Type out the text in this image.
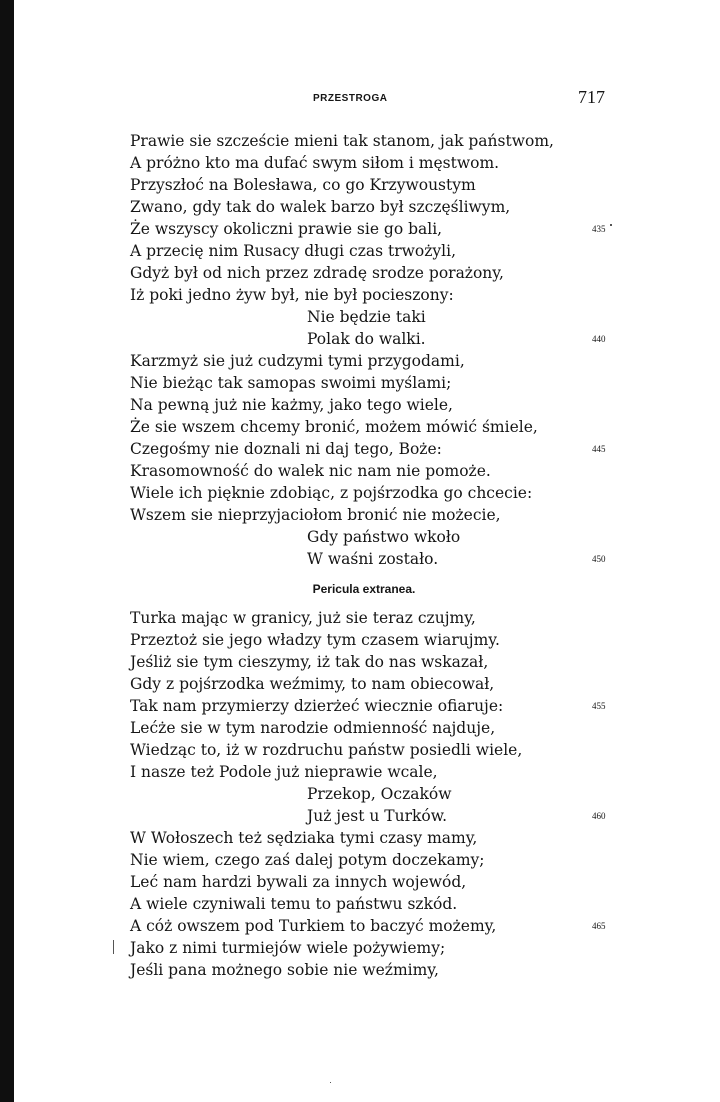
PRZESTROGA	717
Prawie sie szczeście mieni tak stanom, jak państwom,
A próżno kto ma dufać swym siłom i męstwom.
Przyszłoć na Bolesława, co go Krzywoustym
Zwano, gdy tak do walek barzo był szczęśliwym,
Że wszyscy okoliczni prawie sie go bali,
A przecię nim Rusacy długi czas trwożyli,
Gdyż był od nich przez zdradę srodze porażony,
Iż poki jedno żyw był, nie był pocieszony:
Nie będzie taki
Polak do walki.
Karzmyż sie już cudzymi tymi przygodami,
Nie bieżąc tak samopas swoimi myślami;
Na pewną już nie każmy, jako tego wiele,
Że sie wszem chcemy bronić, możem mówić śmiele,
Czegośmy nie doznali ni daj tego, Boże:
Krasomowność do walek nic nam nie pomoże.
Wiele ich pięknie zdobiąc, z pojśrzodka go chcecie:
Wszem sie nieprzyjaciołom bronić nie możecie,
Gdy państwo wkoło
W waśni zostało.
Pericula extranea.
Turka mając w granicy, już sie teraz czujmy,
Przeztoż sie jego władzy tym czasem wiarujmy.
Jeśliż sie tym cieszymy, iż tak do nas wskazał,
Gdy z pojśrzodka weźmimy, to nam obiecował,
Tak nam przymierzy dzierżeć wiecznie ofiaruje:
Lećże sie w tym narodzie odmienność najduje,
Wiedząc to, iż w rozdruchu państw posiedli wiele,
I nasze też Podole już nieprawie wcale,
Przekop, Oczaków
Już jest u Turków.
W Wołoszech też sędziaka tymi czasy mamy,
Nie wiem, czego zaś dalej potym doczekamy;
Leć nam hardzi bywali za innych wojewód,
A wiele czyniwali temu to państwu szkód.
A cóż owszem pod Turkiem to baczyć możemy,
Jako z nimi turmiejów wiele pożywiemy;
Jeśli pana możnego sobie nie weźmimy,
435
440
445
450
455
460
465
